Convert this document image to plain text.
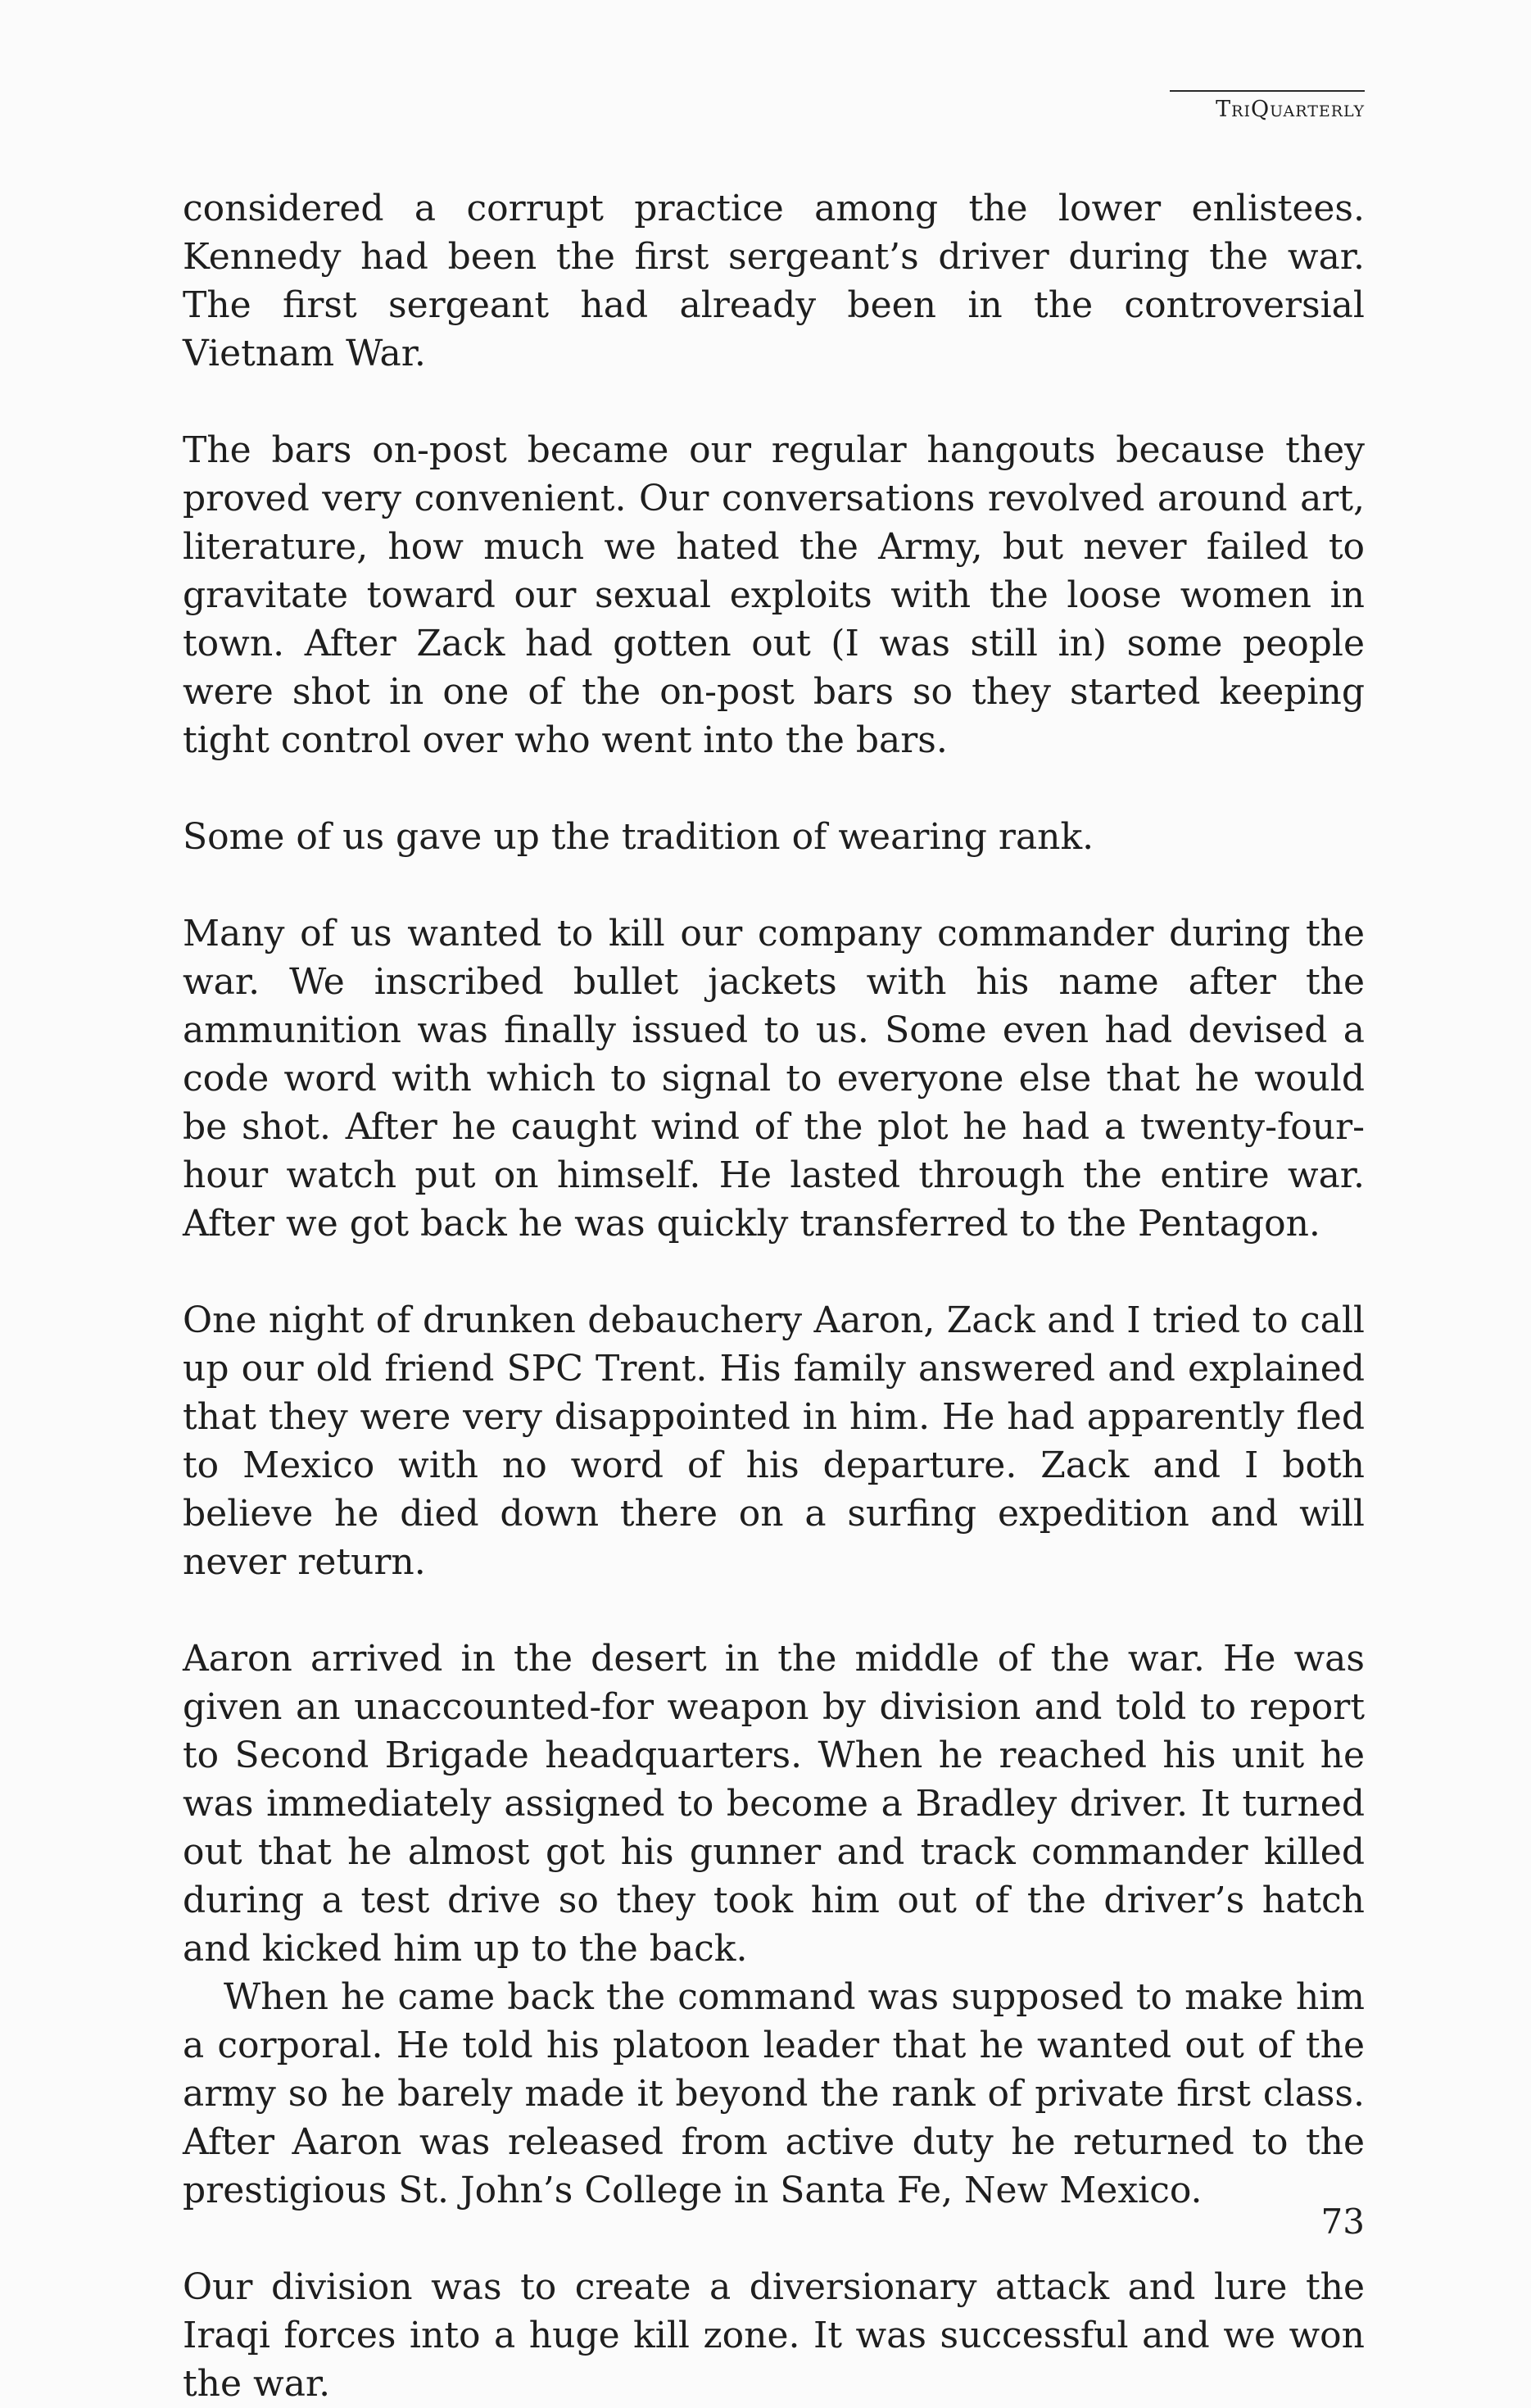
TriQuarterly

considered a corrupt practice among the lower enlistees. Kennedy had been the first sergeant’s driver during the war. The first sergeant had already been in the controversial Vietnam War.

The bars on-post became our regular hangouts because they proved very convenient. Our conversations revolved around art, literature, how much we hated the Army, but never failed to gravitate toward our sexual exploits with the loose women in town. After Zack had gotten out (I was still in) some people were shot in one of the on-post bars so they started keeping tight control over who went into the bars.

Some of us gave up the tradition of wearing rank.

Many of us wanted to kill our company commander during the war. We inscribed bullet jackets with his name after the ammunition was finally issued to us. Some even had devised a code word with which to signal to everyone else that he would be shot. After he caught wind of the plot he had a twenty-four-hour watch put on himself. He lasted through the entire war. After we got back he was quickly transferred to the Pentagon.

One night of drunken debauchery Aaron, Zack and I tried to call up our old friend SPC Trent. His family answered and explained that they were very disappointed in him. He had apparently fled to Mexico with no word of his departure. Zack and I both believe he died down there on a surfing expedition and will never return.

Aaron arrived in the desert in the middle of the war. He was given an unaccounted-for weapon by division and told to report to Second Brigade headquarters. When he reached his unit he was immediately assigned to become a Bradley driver. It turned out that he almost got his gunner and track commander killed during a test drive so they took him out of the driver’s hatch and kicked him up to the back.

When he came back the command was supposed to make him a corporal. He told his platoon leader that he wanted out of the army so he barely made it beyond the rank of private first class. After Aaron was released from active duty he returned to the prestigious St. John’s College in Santa Fe, New Mexico.

Our division was to create a diversionary attack and lure the Iraqi forces into a huge kill zone. It was successful and we won the war.

73
